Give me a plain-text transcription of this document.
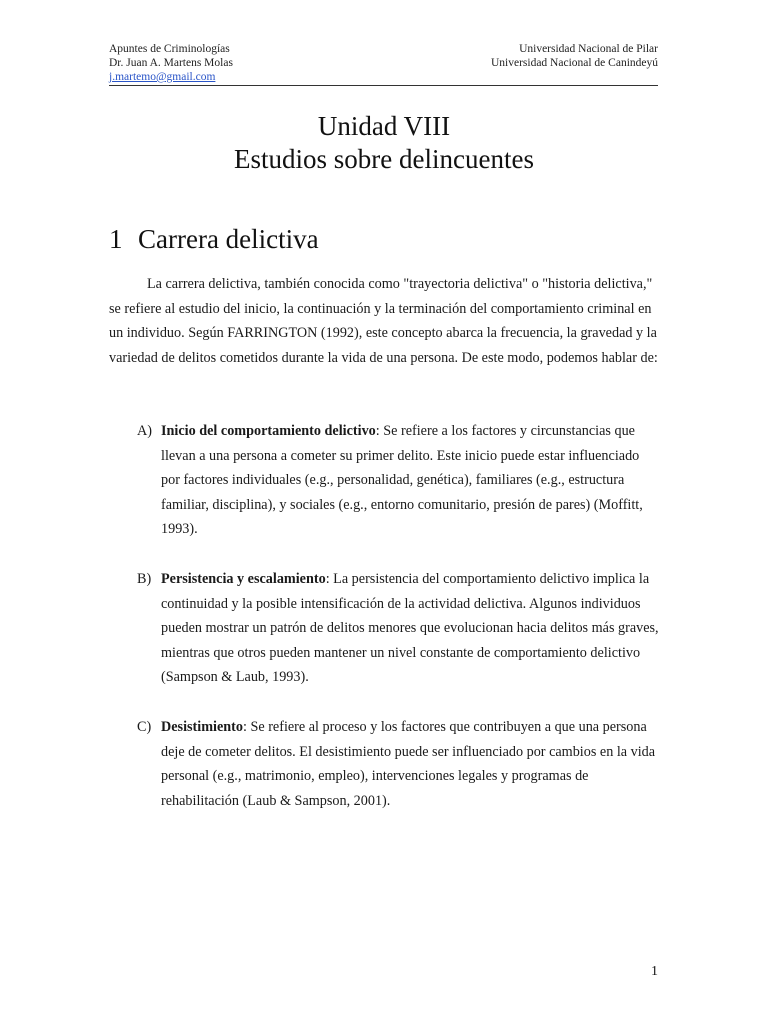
Apuntes de Criminologías
Dr. Juan A. Martens Molas
j.martemo@gmail.com
Universidad Nacional de Pilar
Universidad Nacional de Canindeyú
Unidad VIII
Estudios sobre delincuentes
1 Carrera delictiva

La carrera delictiva, también conocida como "trayectoria delictiva" o "historia delictiva," se refiere al estudio del inicio, la continuación y la terminación del comportamiento criminal en un individuo. Según FARRINGTON (1992), este concepto abarca la frecuencia, la gravedad y la variedad de delitos cometidos durante la vida de una persona. De este modo, podemos hablar de:

A) Inicio del comportamiento delictivo: Se refiere a los factores y circunstancias que llevan a una persona a cometer su primer delito. Este inicio puede estar influenciado por factores individuales (e.g., personalidad, genética), familiares (e.g., estructura familiar, disciplina), y sociales (e.g., entorno comunitario, presión de pares) (Moffitt, 1993).
B) Persistencia y escalamiento: La persistencia del comportamiento delictivo implica la continuidad y la posible intensificación de la actividad delictiva. Algunos individuos pueden mostrar un patrón de delitos menores que evolucionan hacia delitos más graves, mientras que otros pueden mantener un nivel constante de comportamiento delictivo (Sampson & Laub, 1993).
C) Desistimiento: Se refiere al proceso y los factores que contribuyen a que una persona deje de cometer delitos. El desistimiento puede ser influenciado por cambios en la vida personal (e.g., matrimonio, empleo), intervenciones legales y programas de rehabilitación (Laub & Sampson, 2001).
1
